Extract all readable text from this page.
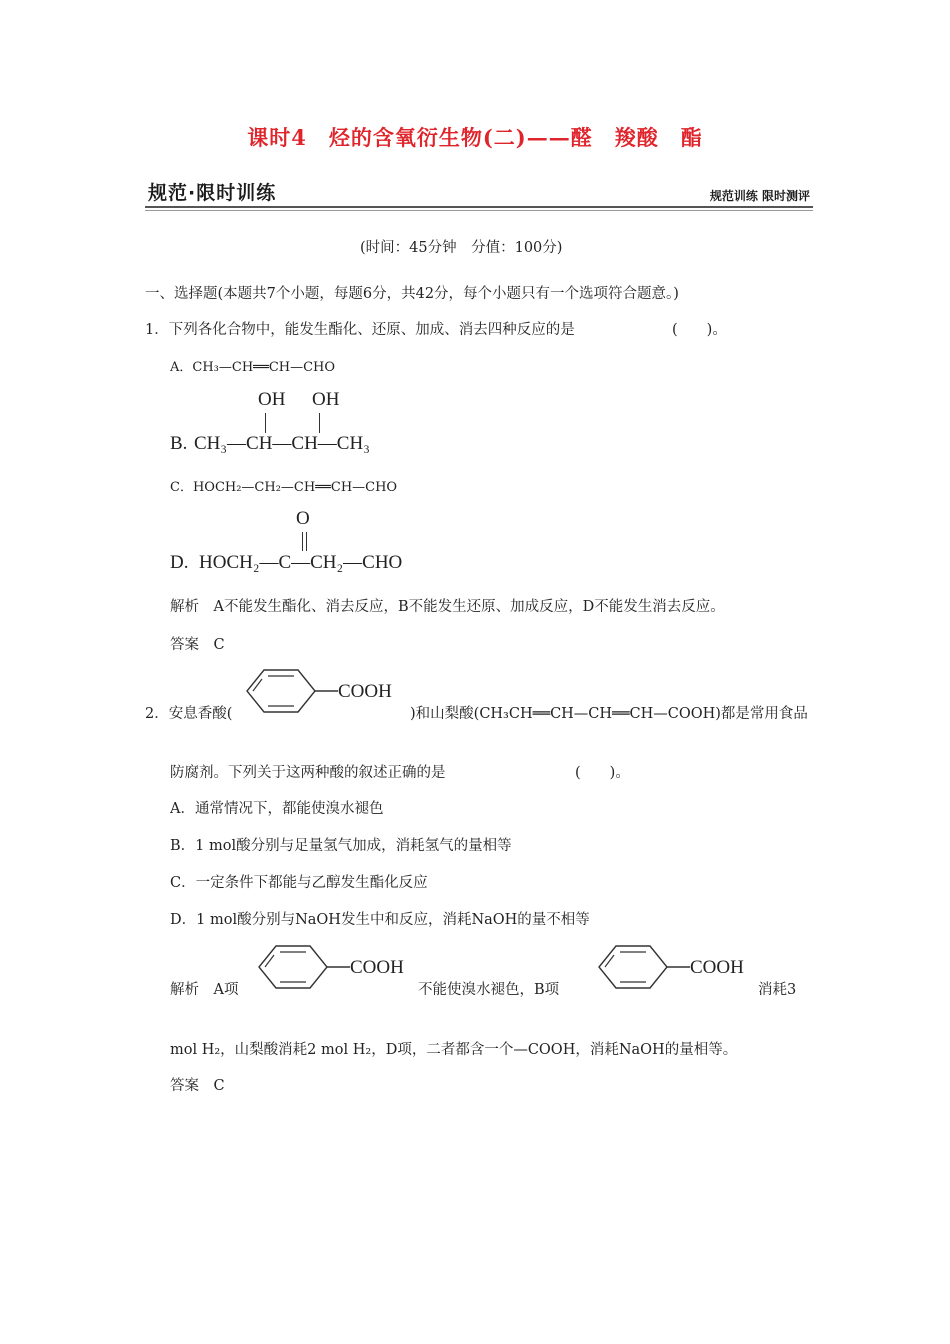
课时4　烃的含氧衍生物(二)——醛　羧酸　酯
规范·限时训练	规范训练 限时测评
(时间：45分钟　分值：100分)
一、选择题(本题共7个小题，每题6分，共42分，每个小题只有一个选项符合题意。)
1．下列各化合物中，能发生酯化、还原、加成、消去四种反应的是	(　　)。
A．CH₃—CH══CH—CHO
OH OH
B. CH₃—CH—CH—CH₃
C．HOCH₂—CH₂—CH══CH—CHO
O
D. HOCH₂—C—CH₂—CHO
解析　A不能发生酯化、消去反应，B不能发生还原、加成反应，D不能发生消去反应。
答案　C
COOH
2．安息香酸(	)和山梨酸(CH₃CH══CH—CH══CH—COOH)都是常用食品
防腐剂。下列关于这两种酸的叙述正确的是	(　　)。
A．通常情况下，都能使溴水褪色
B．1 mol酸分别与足量氢气加成，消耗氢气的量相等
C．一定条件下都能与乙醇发生酯化反应
D．1 mol酸分别与NaOH发生中和反应，消耗NaOH的量不相等
解析　A项
COOH
不能使溴水褪色，B项
COOH
消耗3
mol H₂，山梨酸消耗2 mol H₂，D项，二者都含一个—COOH，消耗NaOH的量相等。
答案　C
